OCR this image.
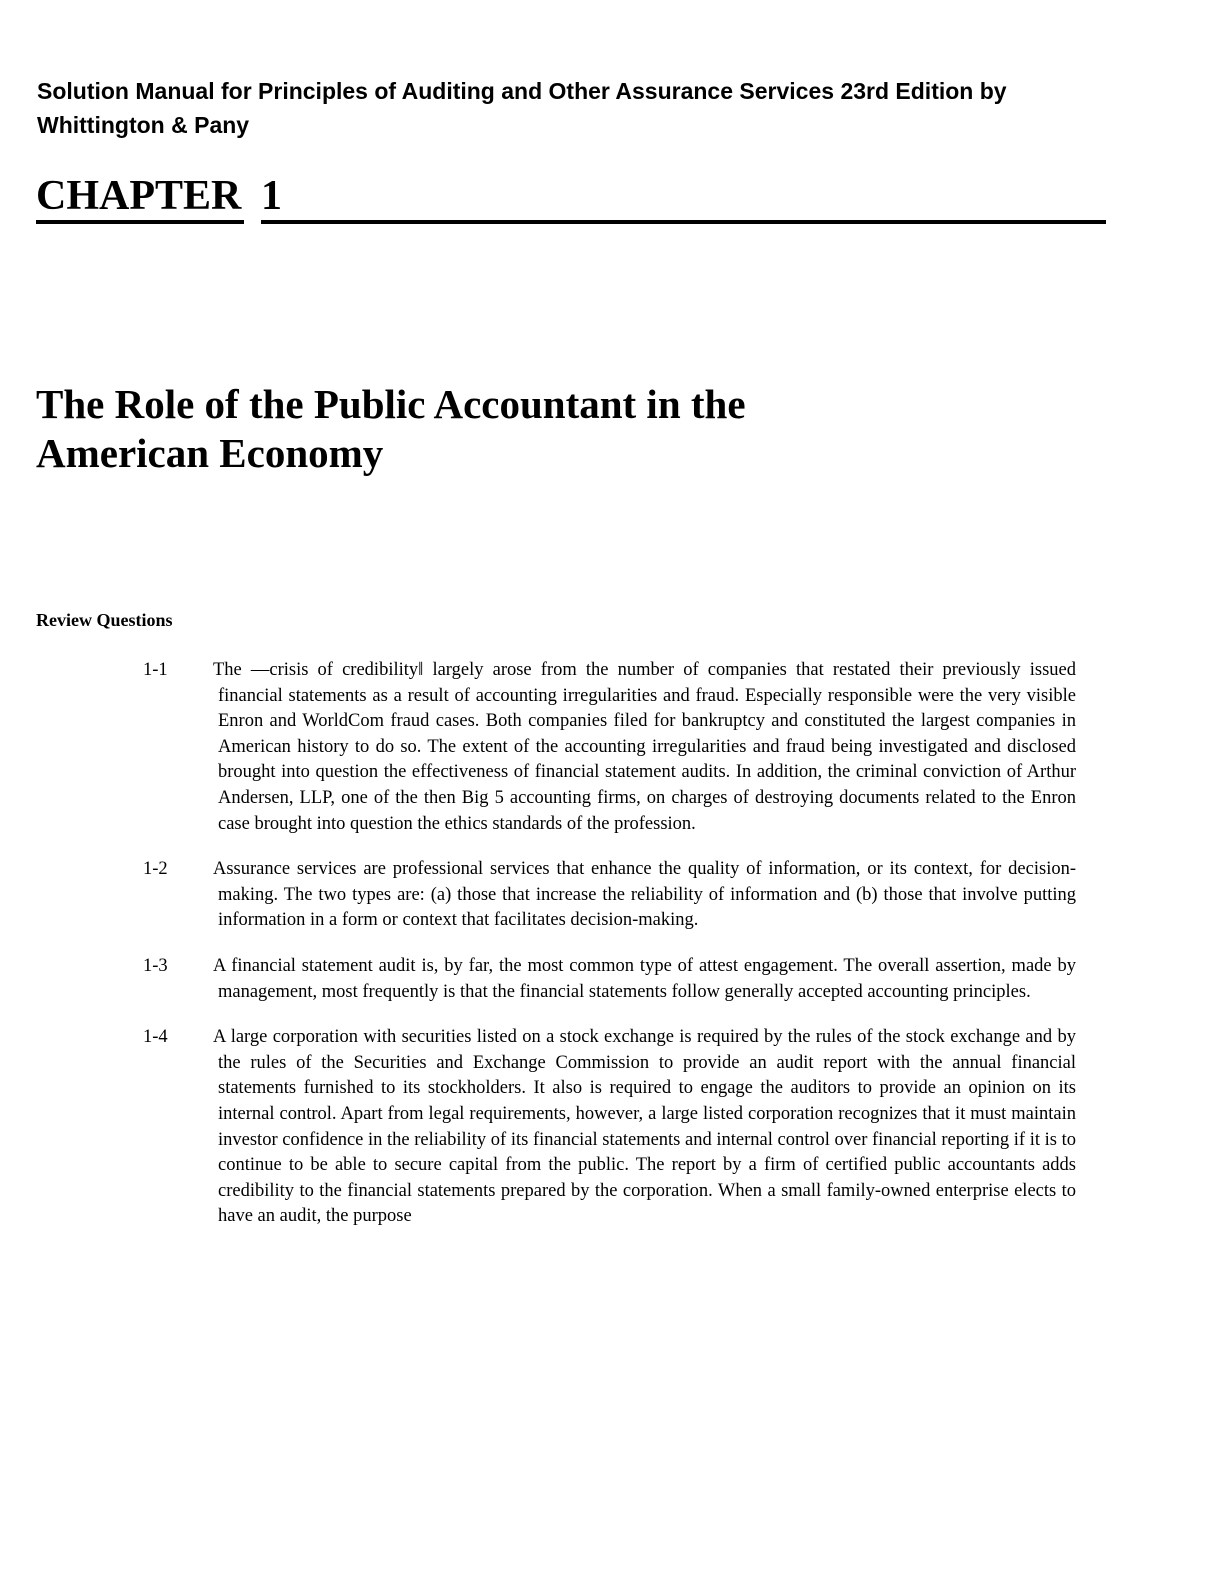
Solution Manual for Principles of Auditing and Other Assurance Services 23rd Edition by
Whittington & Pany
CHAPTER 1
The Role of the Public Accountant in the
American Economy
Review Questions
1-1 The —crisis of credibility‖ largely arose from the number of companies that restated their previously issued financial statements as a result of accounting irregularities and fraud. Especially responsible were the very visible Enron and WorldCom fraud cases. Both companies filed for bankruptcy and constituted the largest companies in American history to do so. The extent of the accounting irregularities and fraud being investigated and disclosed brought into question the effectiveness of financial statement audits. In addition, the criminal conviction of Arthur Andersen, LLP, one of the then Big 5 accounting firms, on charges of destroying documents related to the Enron case brought into question the ethics standards of the profession.
1-2 Assurance services are professional services that enhance the quality of information, or its context, for decision-making. The two types are: (a) those that increase the reliability of information and (b) those that involve putting information in a form or context that facilitates decision-making.
1-3 A financial statement audit is, by far, the most common type of attest engagement. The overall assertion, made by management, most frequently is that the financial statements follow generally accepted accounting principles.
1-4 A large corporation with securities listed on a stock exchange is required by the rules of the stock exchange and by the rules of the Securities and Exchange Commission to provide an audit report with the annual financial statements furnished to its stockholders. It also is required to engage the auditors to provide an opinion on its internal control. Apart from legal requirements, however, a large listed corporation recognizes that it must maintain investor confidence in the reliability of its financial statements and internal control over financial reporting if it is to continue to be able to secure capital from the public. The report by a firm of certified public accountants adds credibility to the financial statements prepared by the corporation. When a small family-owned enterprise elects to have an audit, the purpose
